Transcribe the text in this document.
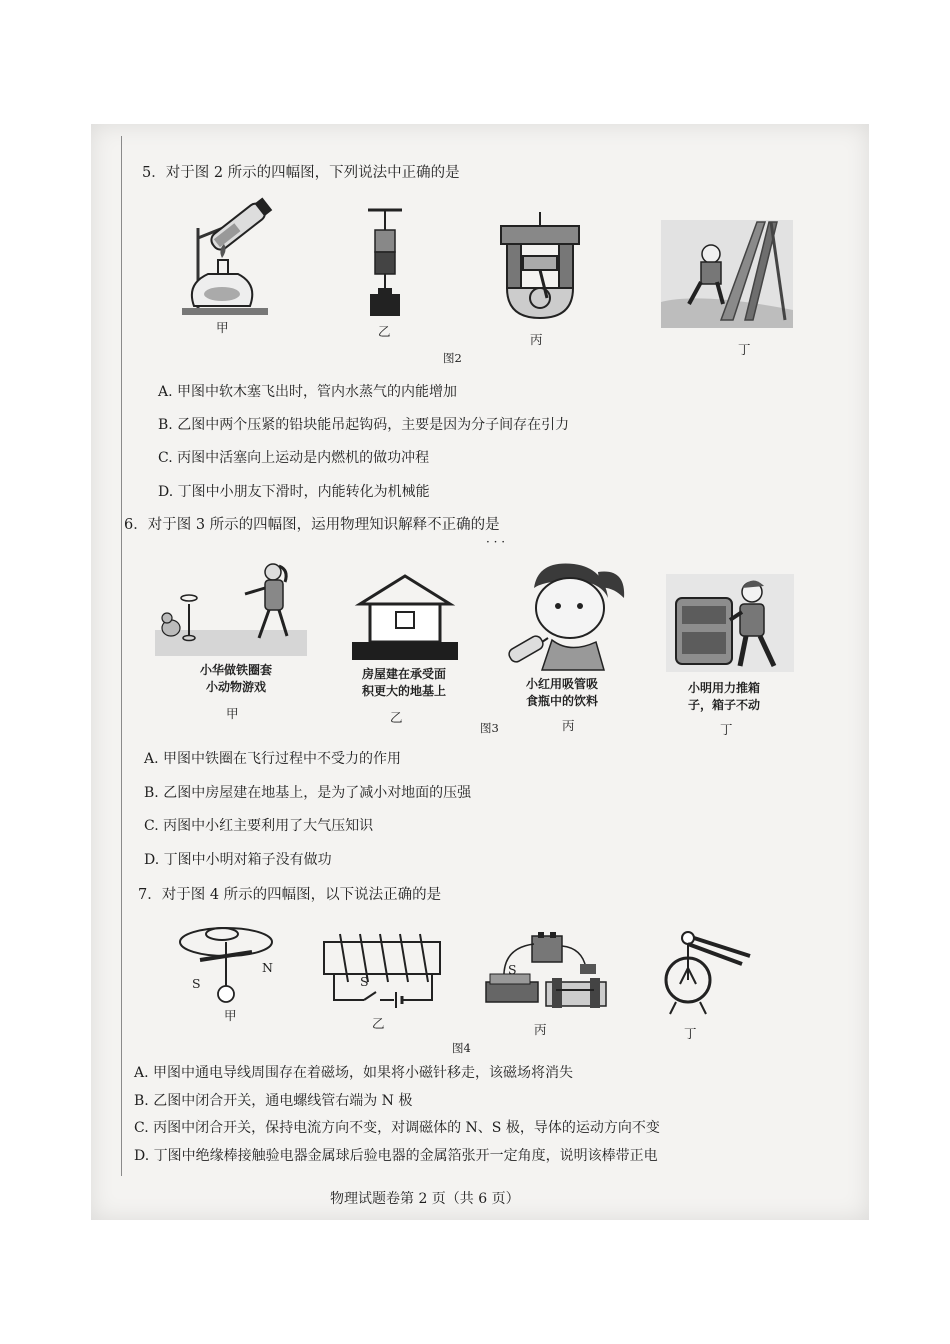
5．对于图 2 所示的四幅图，下列说法中正确的是
甲	乙
丙
丁
图2
A. 甲图中软木塞飞出时，管内水蒸气的内能增加
B. 乙图中两个压紧的铅块能吊起钩码，主要是因为分子间存在引力
C. 丙图中活塞向上运动是内燃机的做功冲程
D. 丁图中小朋友下滑时，内能转化为机械能
6．对于图 3 所示的四幅图，运用物理知识解释不正确的是
· · ·
小华做铁圈套
小动物游戏
甲
房屋建在承受面
积更大的地基上
乙
小红用吸管吸
食瓶中的饮料
丙
小明用力推箱
子，箱子不动
丁
图3
A. 甲图中铁圈在飞行过程中不受力的作用
B. 乙图中房屋建在地基上，是为了减小对地面的压强
C. 丙图中小红主要利用了大气压知识
D. 丁图中小明对箱子没有做功
7．对于图 4 所示的四幅图，以下说法正确的是
S
N
甲
S
乙
S
丙	丁
图4
A. 甲图中通电导线周围存在着磁场，如果将小磁针移走，该磁场将消失
B. 乙图中闭合开关，通电螺线管右端为 N 极
C. 丙图中闭合开关，保持电流方向不变，对调磁体的 N、S 极，导体的运动方向不变
D. 丁图中绝缘棒接触验电器金属球后验电器的金属箔张开一定角度，说明该棒带正电
物理试题卷第 2 页（共 6 页）
